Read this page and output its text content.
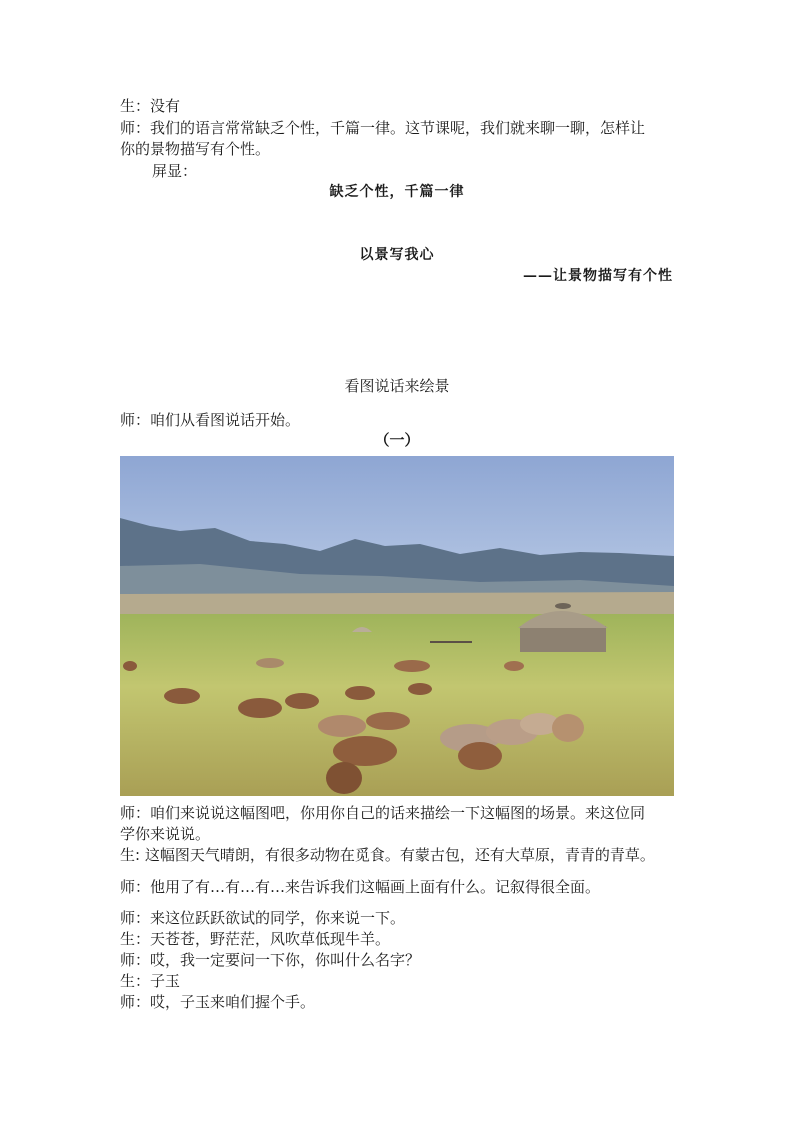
生：没有
师：我们的语言常常缺乏个性，千篇一律。这节课呢，我们就来聊一聊，怎样让
你的景物描写有个性。
屏显：
缺乏个性，千篇一律
以景写我心
——让景物描写有个性
看图说话来绘景
师：咱们从看图说话开始。
（一）
师：咱们来说说这幅图吧，你用你自己的话来描绘一下这幅图的场景。来这位同
学你来说说。
生: 这幅图天气晴朗，有很多动物在觅食。有蒙古包，还有大草原，青青的青草。
师：他用了有…有…有…来告诉我们这幅画上面有什么。记叙得很全面。
师：来这位跃跃欲试的同学，你来说一下。
生：天苍苍，野茫茫，风吹草低现牛羊。
师：哎，我一定要问一下你，你叫什么名字？
生：子玉
师：哎，子玉来咱们握个手。
